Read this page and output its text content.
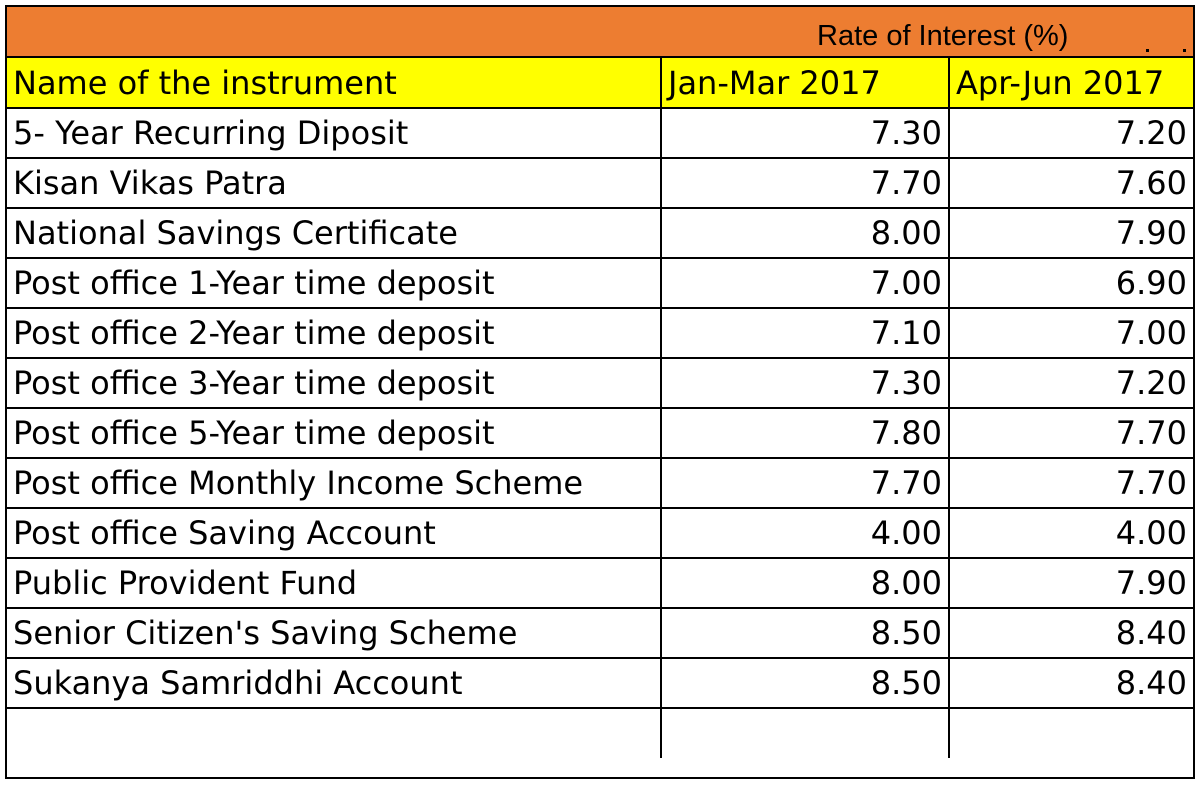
Rate of Interest (%)
Name of the instrument	Jan-Mar 2017	Apr-Jun 2017
5- Year Recurring Diposit	7.30	7.20
Kisan Vikas Patra	7.70	7.60
National Savings Certificate	8.00	7.90
Post office 1-Year time deposit	7.00	6.90
Post office 2-Year time deposit	7.10	7.00
Post office 3-Year time deposit	7.30	7.20
Post office 5-Year time deposit	7.80	7.70
Post office Monthly Income Scheme	7.70	7.70
Post office Saving Account	4.00	4.00
Public Provident Fund	8.00	7.90
Senior Citizen's Saving Scheme	8.50	8.40
Sukanya Samriddhi Account	8.50	8.40
